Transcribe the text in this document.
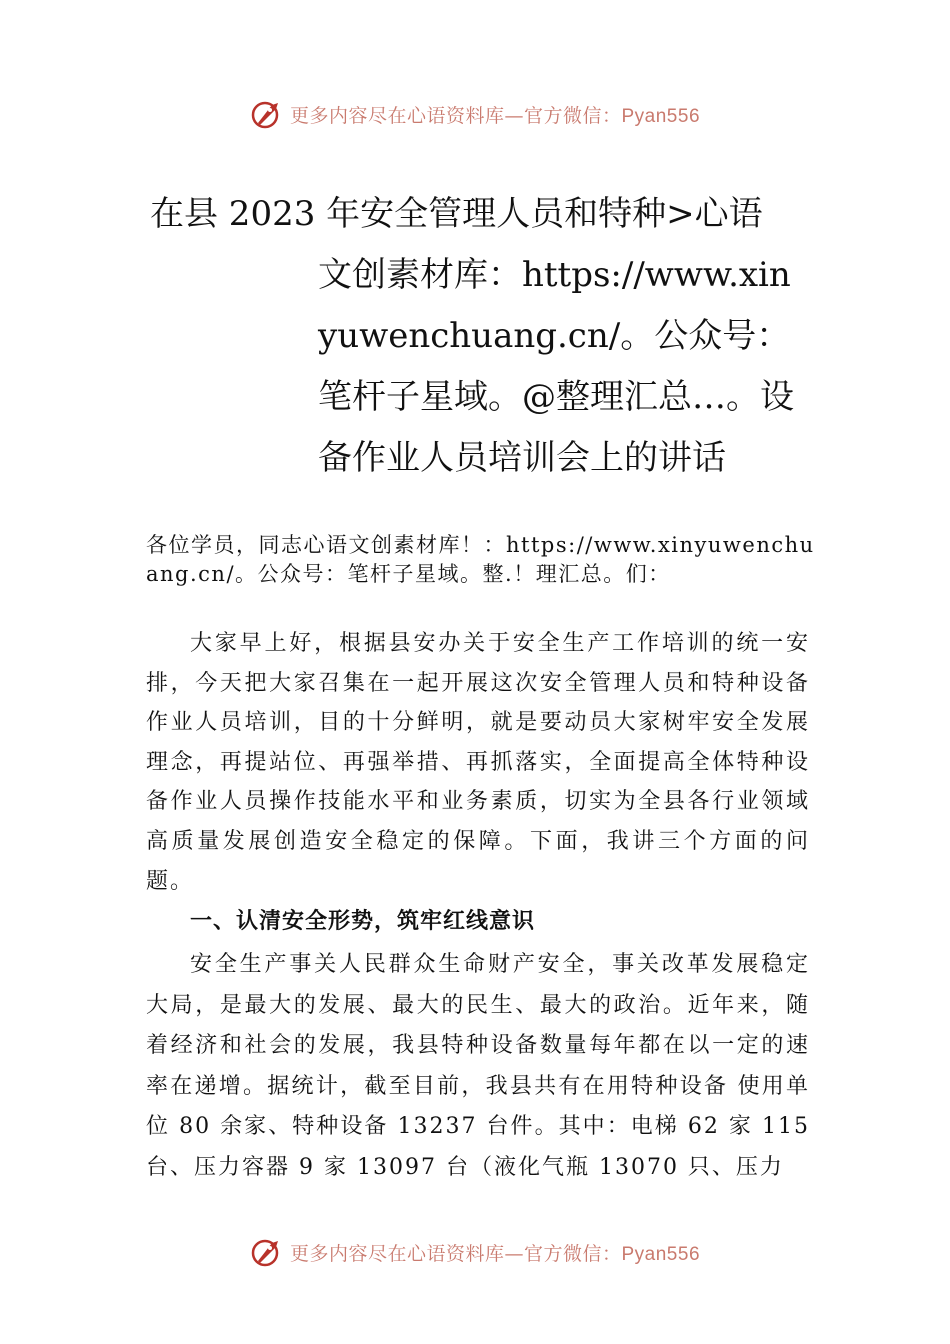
更多内容尽在心语资料库—官方微信：Pyan556
在县 2023 年安全管理人员和特种>心语
文创素材库：https://www.xinyuwenchuang.cn/。公众号：笔杆子星域。@整理汇总…。设备作业人员培训会上的讲话
各位学员，同志心语文创素材库！：https://www.xinyuwenchuang.cn/。公众号：笔杆子星域。整.！理汇总。们：

大家早上好，根据县安办关于安全生产工作培训的统一安排，今天把大家召集在一起开展这次安全管理人员和特种设备作业人员培训，目的十分鲜明，就是要动员大家树牢安全发展理念，再提站位、再强举措、再抓落实，全面提高全体特种设备作业人员操作技能水平和业务素质，切实为全县各行业领域高质量发展创造安全稳定的保障。下面，我讲三个方面的问题。

一、认清安全形势，筑牢红线意识

安全生产事关人民群众生命财产安全，事关改革发展稳定大局，是最大的发展、最大的民生、最大的政治。近年来，随着经济和社会的发展，我县特种设备数量每年都在以一定的速率在递增。据统计，截至目前，我县共有在用特种设备 使用单位 80 余家、特种设备 13237 台件。其中：电梯 62 家 115 台、压力容器 9 家 13097 台（液化气瓶 13070 只、压力

更多内容尽在心语资料库—官方微信：Pyan556
